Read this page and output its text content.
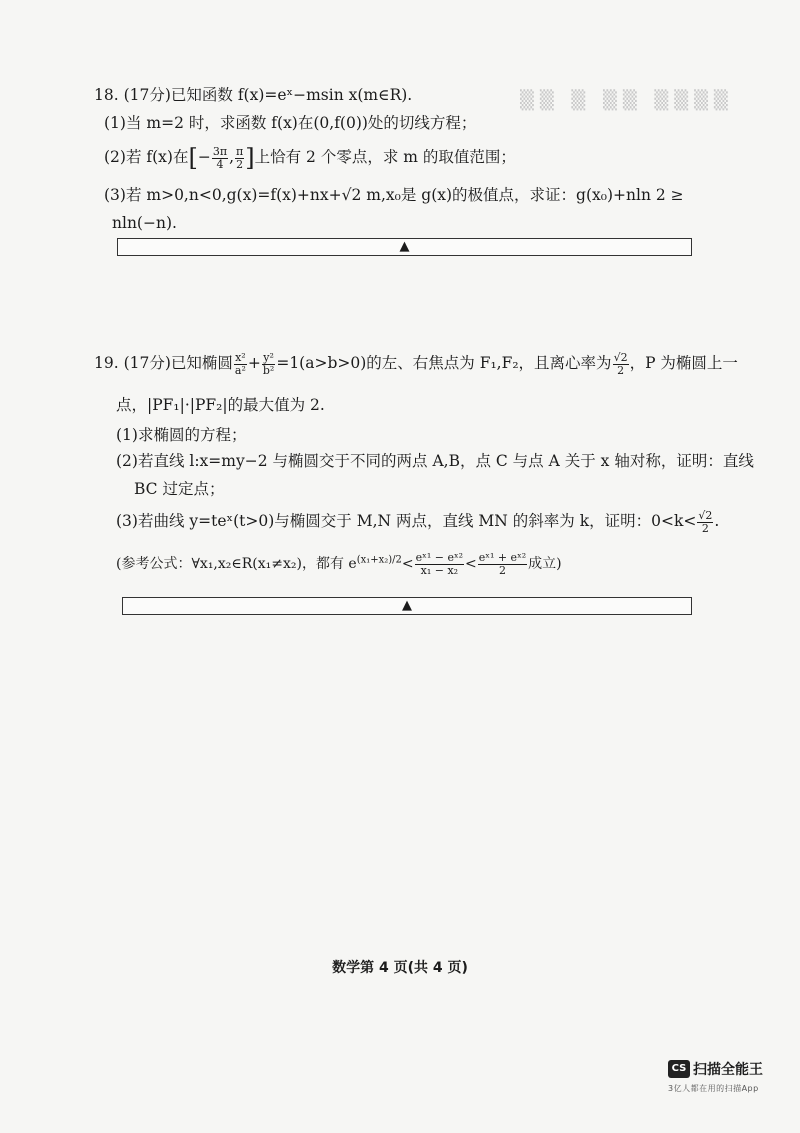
▒▒ ▒ ▒▒ ▒▒▒▒
18. (17分)已知函数 f(x)=eˣ−msin x(m∈R).
(1)当 m=2 时，求函数 f(x)在(0,f(0))处的切线方程；
(2)若 f(x)在[− $\frac{3\pi}{4}$ , $\frac{\pi}{2}$ ]上恰有 2 个零点，求 m 的取值范围；
(3)若 m>0,n<0,g(x)=f(x)+nx+√2 m,x₀是 g(x)的极值点，求证：g(x₀)+nln 2 ≥
nln(−n).
▲
19. (17分)已知椭圆 $\frac{\text{x²}}{\text{a²}} + \frac{\text{y²}}{\text{b²}} =1(a>b>0)$的左、右焦点为 F₁,F₂，且离心率为 $\frac{√2}{2}$ ，P 为椭圆上一
点，|PF₁|·|PF₂|的最大值为 2.
(1)求椭圆的方程；
(2)若直线 l:x=my−2 与椭圆交于不同的两点 A,B，点 C 与点 A 关于 x 轴对称，证明：直线
BC 过定点；
(3)若曲线 y=teˣ(t>0)与椭圆交于 M,N 两点，直线 MN 的斜率为 k，证明：$0<k< \frac{√2}{2}$ .
(参考公式：∀x₁,x₂∈R(x₁≠x₂)，都有 $e^{(x_1+x_2)/2}< \frac{\text{eˣ¹ − eˣ²}}{\text{x₁ − x₂}} < \frac{\text{eˣ¹ + eˣ²}}{2}$ 成立)
▲
数学第 4 页(共 4 页)
CS 扫描全能王
3亿人都在用的扫描App
